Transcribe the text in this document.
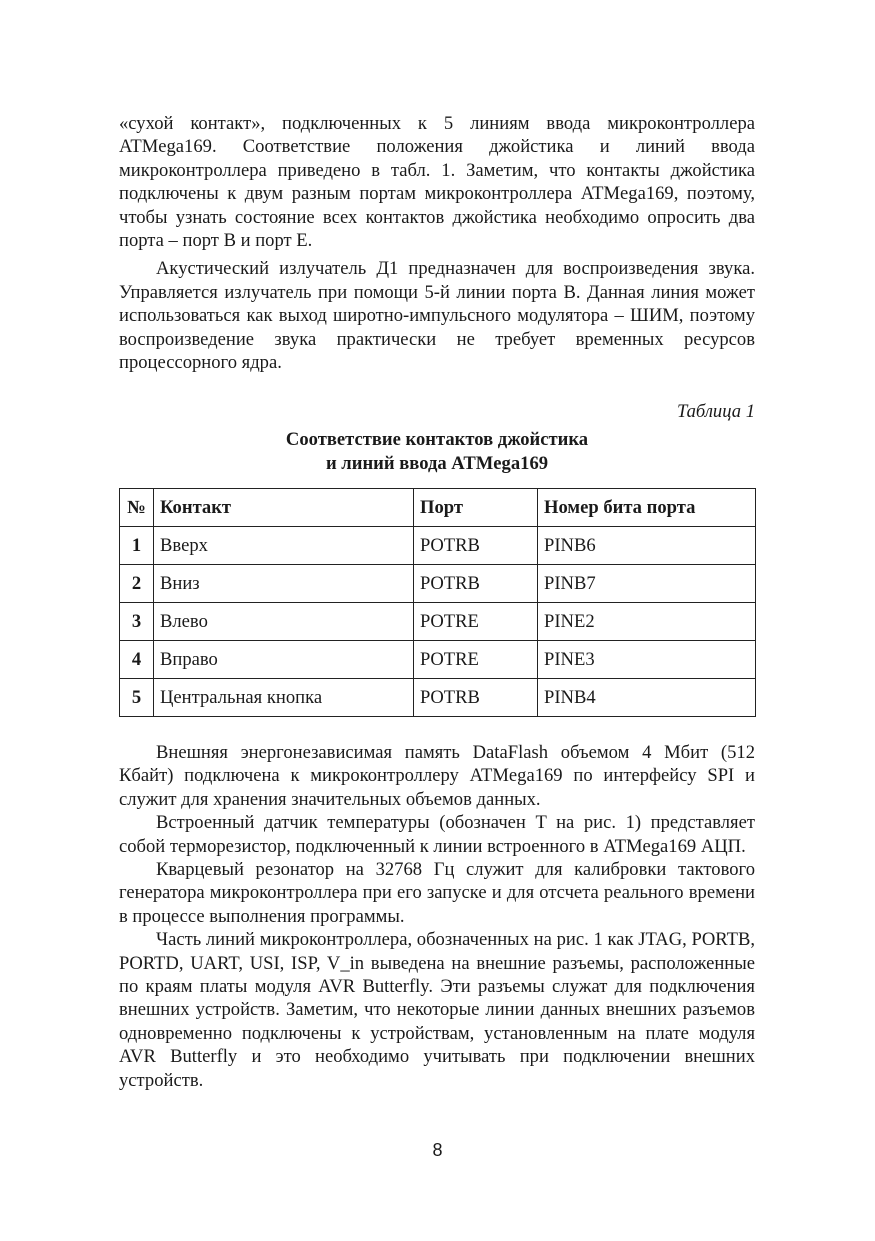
«сухой контакт», подключенных к 5 линиям ввода микроконтроллера ATMega169. Соответствие положения джойстика и линий ввода микроконтроллера приведено в табл. 1. Заметим, что контакты джойстика подключены к двум разным портам микроконтроллера ATMega169, поэтому, чтобы узнать состояние всех контактов джойстика необходимо опросить два порта – порт B и порт E.

Акустический излучатель Д1 предназначен для воспроизведения звука. Управляется излучатель при помощи 5-й линии порта B. Данная линия может использоваться как выход широтно-импульсного модулятора – ШИМ, поэтому воспроизведение звука практически не требует временных ресурсов процессорного ядра.

Таблица 1
Соответствие контактов джойстика
и линий ввода ATMega169
№	Контакт	Порт	Номер бита порта
1	Вверх	POTRB	PINB6
2	Вниз	POTRB	PINB7
3	Влево	POTRE	PINE2
4	Вправо	POTRE	PINE3
5	Центральная кнопка	POTRB	PINB4

Внешняя энергонезависимая память DataFlash объемом 4 Мбит (512 Кбайт) подключена к микроконтроллеру ATMega169 по интерфейсу SPI и служит для хранения значительных объемов данных.

Встроенный датчик температуры (обозначен T на рис. 1) представляет собой терморезистор, подключенный к линии встроенного в ATMega169 АЦП.

Кварцевый резонатор на 32768 Гц служит для калибровки тактового генератора микроконтроллера при его запуске и для отсчета реального времени в процессе выполнения программы.

Часть линий микроконтроллера, обозначенных на рис. 1 как JTAG, PORTB, PORTD, UART, USI, ISP, V_in выведена на внешние разъемы, расположенные по краям платы модуля AVR Butterfly. Эти разъемы служат для подключения внешних устройств. Заметим, что некоторые линии данных внешних разъемов одновременно подключены к устройствам, установленным на плате модуля AVR Butterfly и это необходимо учитывать при подключении внешних устройств.

8
